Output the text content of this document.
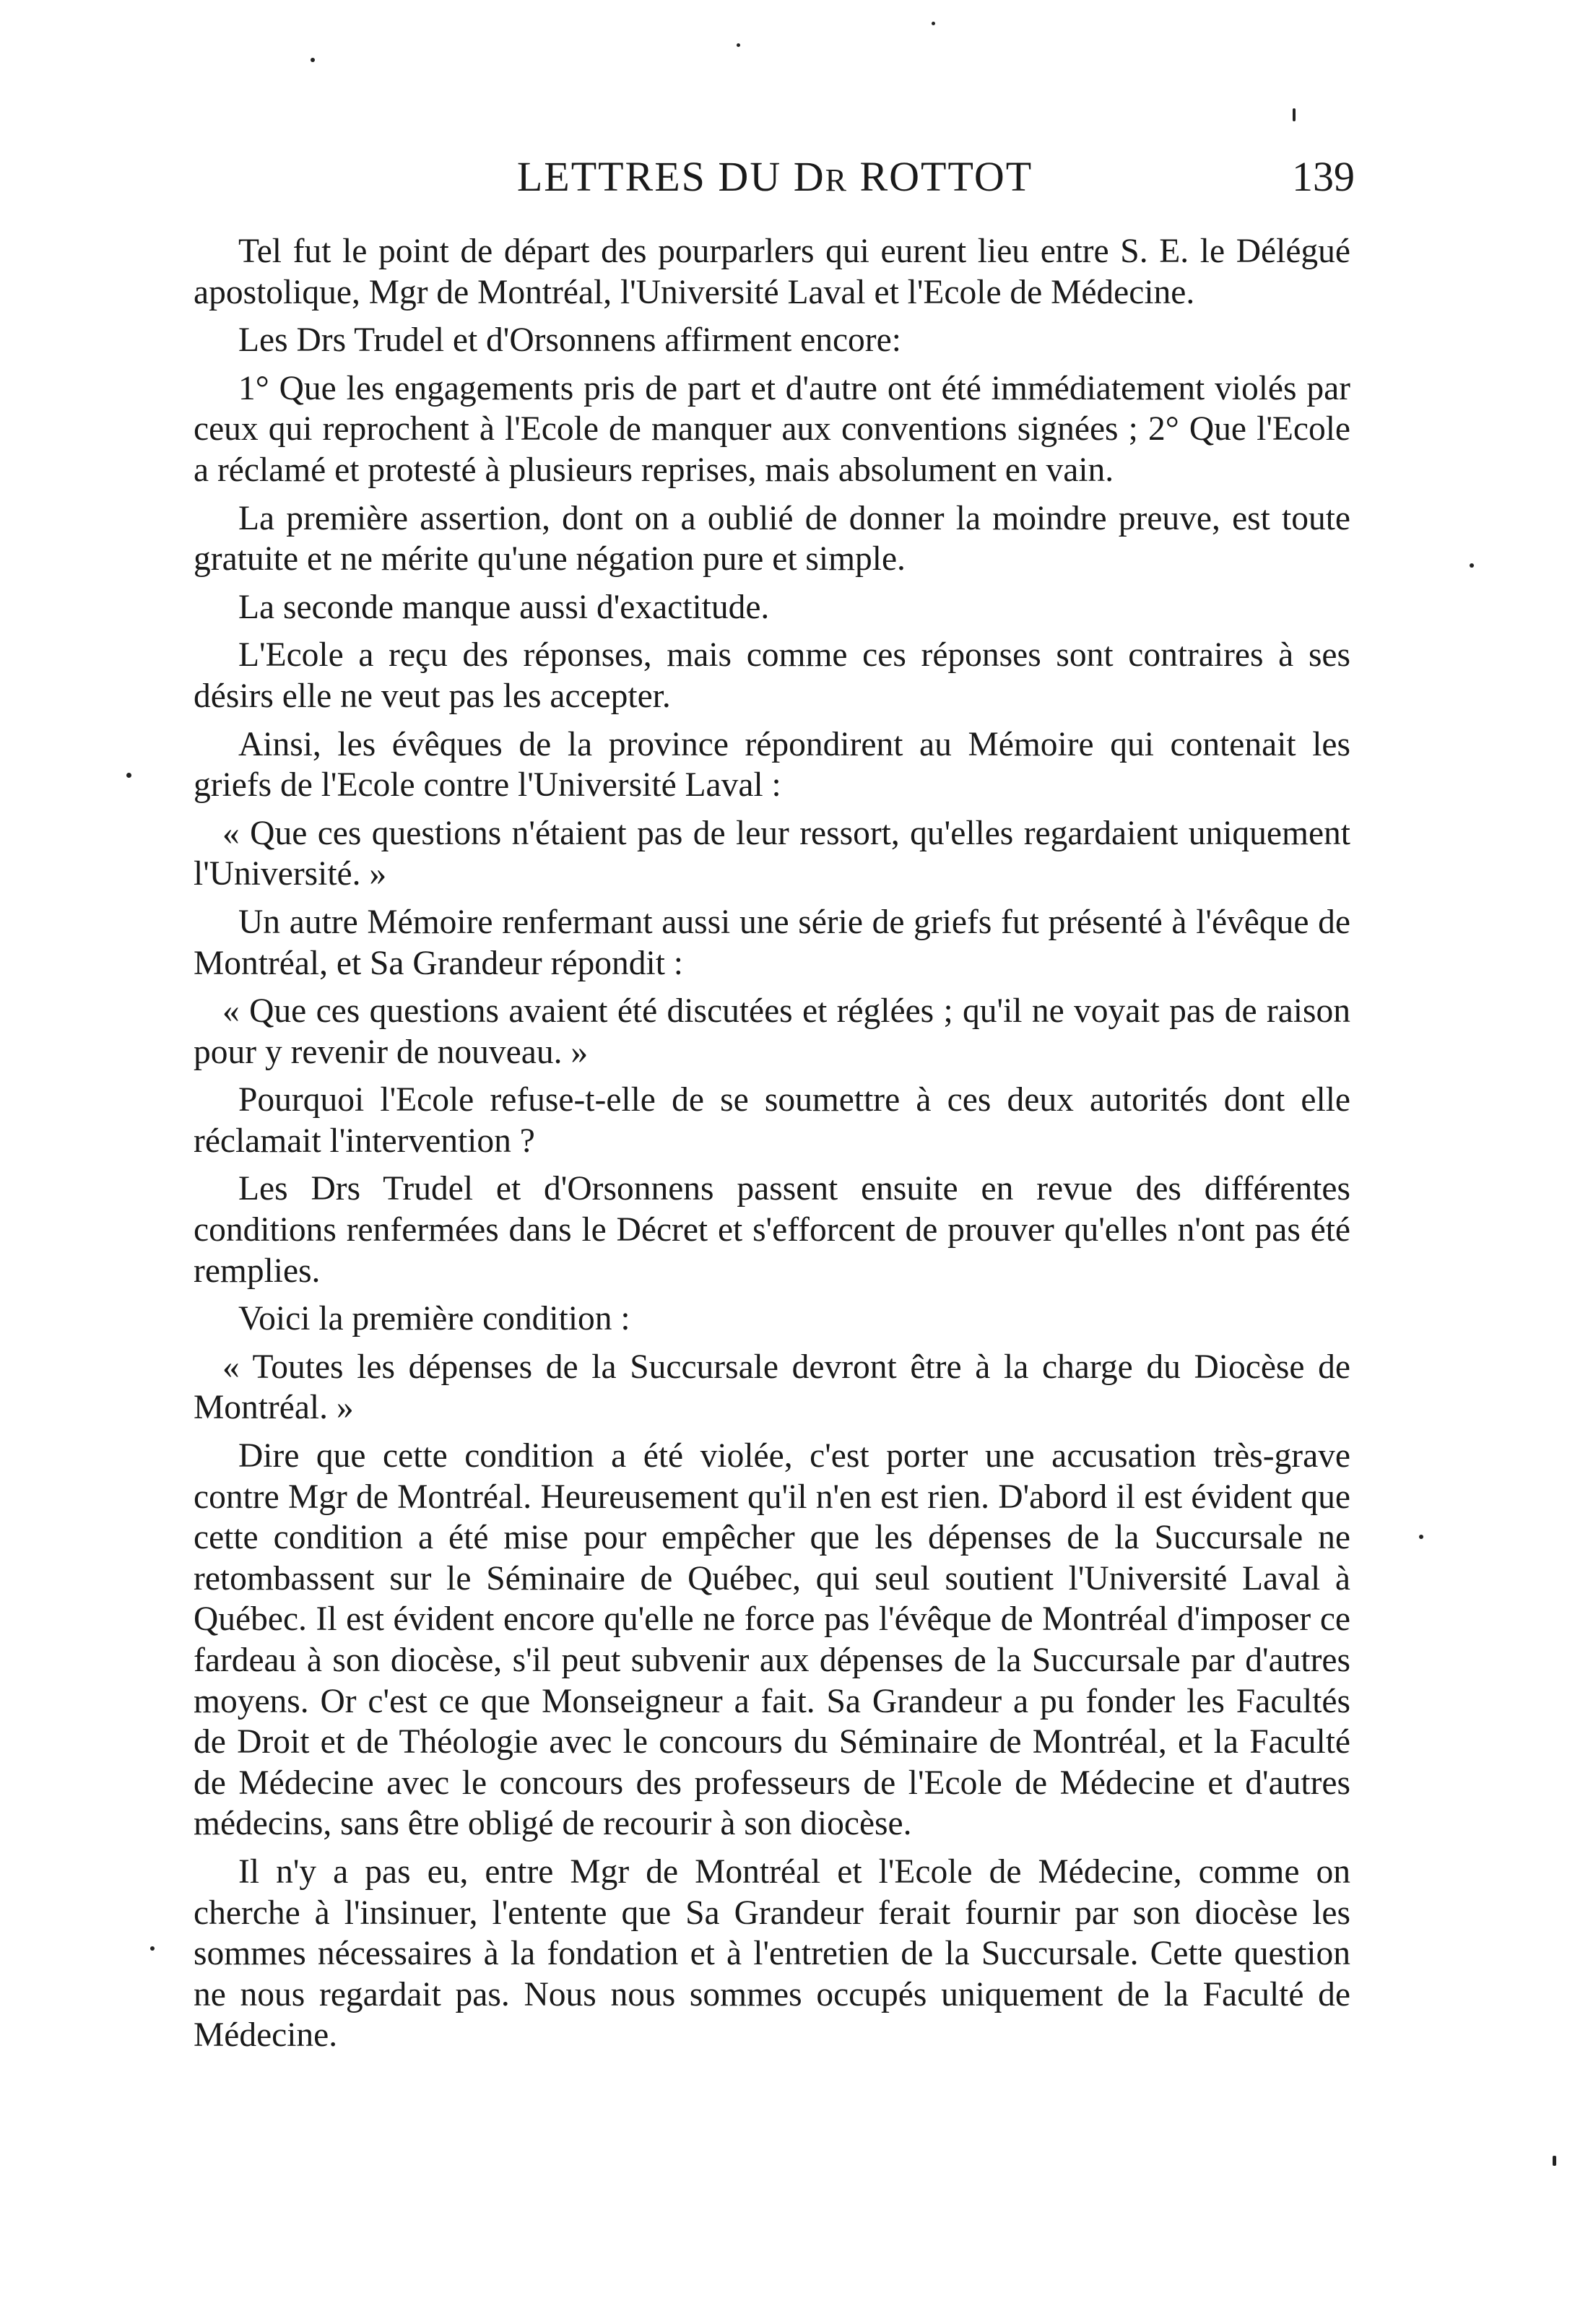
LETTRES DU DR ROTTOT	139

Tel fut le point de départ des pourparlers qui eurent lieu entre S. E. le Délégué apostolique, Mgr de Montréal, l'Université Laval et l'Ecole de Médecine.

Les Drs Trudel et d'Orsonnens affirment encore:

1° Que les engagements pris de part et d'autre ont été immédiatement violés par ceux qui reprochent à l'Ecole de manquer aux conventions signées ; 2° Que l'Ecole a réclamé et protesté à plusieurs reprises, mais absolument en vain.

La première assertion, dont on a oublié de donner la moindre preuve, est toute gratuite et ne mérite qu'une négation pure et simple.

La seconde manque aussi d'exactitude.

L'Ecole a reçu des réponses, mais comme ces réponses sont contraires à ses désirs elle ne veut pas les accepter.

Ainsi, les évêques de la province répondirent au Mémoire qui contenait les griefs de l'Ecole contre l'Université Laval :

« Que ces questions n'étaient pas de leur ressort, qu'elles regardaient uniquement l'Université. »

Un autre Mémoire renfermant aussi une série de griefs fut présenté à l'évêque de Montréal, et Sa Grandeur répondit :

« Que ces questions avaient été discutées et réglées ; qu'il ne voyait pas de raison pour y revenir de nouveau. »

Pourquoi l'Ecole refuse-t-elle de se soumettre à ces deux autorités dont elle réclamait l'intervention ?

Les Drs Trudel et d'Orsonnens passent ensuite en revue des différentes conditions renfermées dans le Décret et s'efforcent de prouver qu'elles n'ont pas été remplies.

Voici la première condition :

« Toutes les dépenses de la Succursale devront être à la charge du Diocèse de Montréal. »

Dire que cette condition a été violée, c'est porter une accusation très-grave contre Mgr de Montréal. Heureusement qu'il n'en est rien. D'abord il est évident que cette condition a été mise pour empêcher que les dépenses de la Succursale ne retombassent sur le Séminaire de Québec, qui seul soutient l'Université Laval à Québec. Il est évident encore qu'elle ne force pas l'évêque de Montréal d'imposer ce fardeau à son diocèse, s'il peut subvenir aux dépenses de la Succursale par d'autres moyens. Or c'est ce que Monseigneur a fait. Sa Grandeur a pu fonder les Facultés de Droit et de Théologie avec le concours du Séminaire de Montréal, et la Faculté de Médecine avec le concours des professeurs de l'Ecole de Médecine et d'autres médecins, sans être obligé de recourir à son diocèse.

Il n'y a pas eu, entre Mgr de Montréal et l'Ecole de Médecine, comme on cherche à l'insinuer, l'entente que Sa Grandeur ferait fournir par son diocèse les sommes nécessaires à la fondation et à l'entretien de la Succursale. Cette question ne nous regardait pas. Nous nous sommes occupés uniquement de la Faculté de Médecine.
